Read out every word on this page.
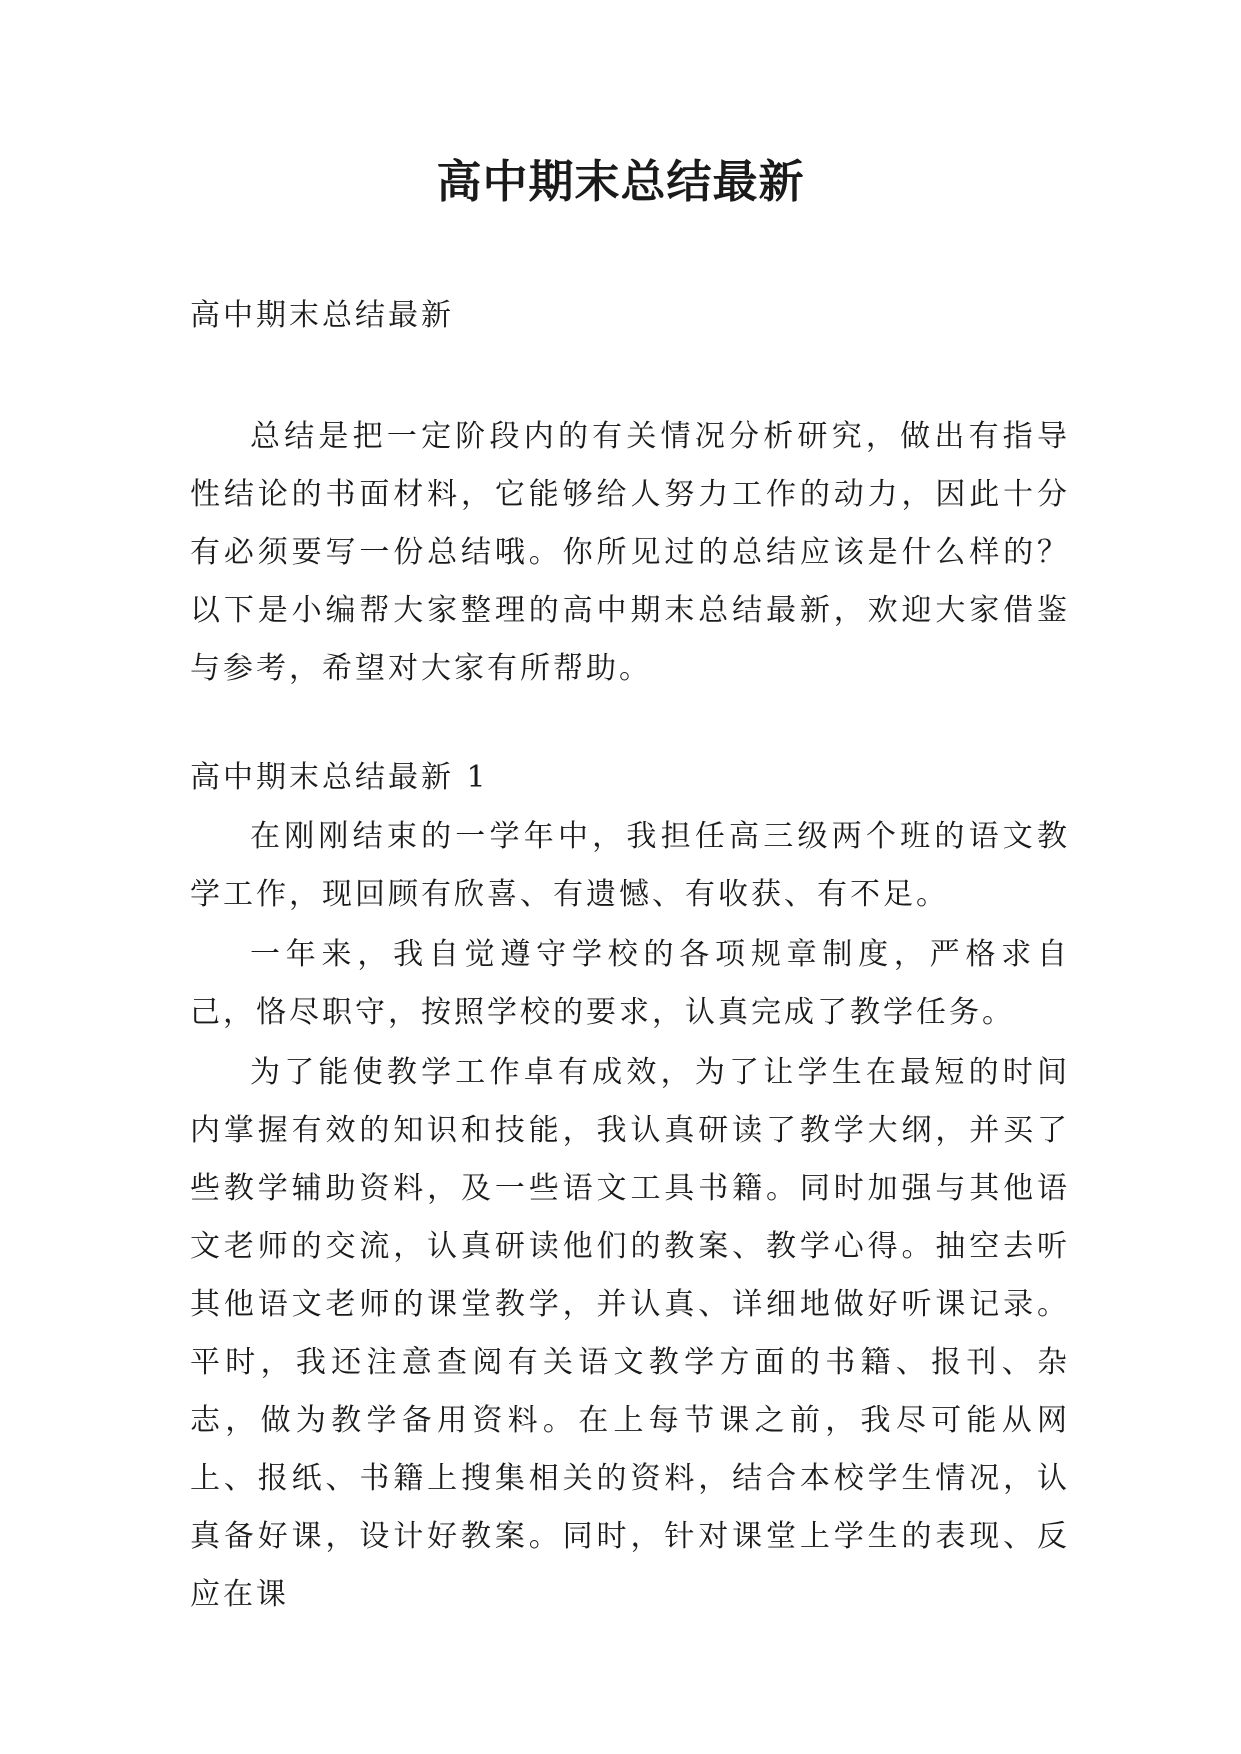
高中期末总结最新

高中期末总结最新

总结是把一定阶段内的有关情况分析研究，做出有指导性结论的书面材料，它能够给人努力工作的动力，因此十分有必须要写一份总结哦。你所见过的总结应该是什么样的？以下是小编帮大家整理的高中期末总结最新，欢迎大家借鉴与参考，希望对大家有所帮助。

高中期末总结最新 1

在刚刚结束的一学年中，我担任高三级两个班的语文教学工作，现回顾有欣喜、有遗憾、有收获、有不足。

一年来，我自觉遵守学校的各项规章制度，严格求自己，恪尽职守，按照学校的要求，认真完成了教学任务。

为了能使教学工作卓有成效，为了让学生在最短的时间内掌握有效的知识和技能，我认真研读了教学大纲，并买了些教学辅助资料，及一些语文工具书籍。同时加强与其他语文老师的交流，认真研读他们的教案、教学心得。抽空去听其他语文老师的课堂教学，并认真、详细地做好听课记录。平时，我还注意查阅有关语文教学方面的书籍、报刊、杂志，做为教学备用资料。在上每节课之前，我尽可能从网上、报纸、书籍上搜集相关的资料，结合本校学生情况，认真备好课，设计好教案。同时，针对课堂上学生的表现、反应在课
